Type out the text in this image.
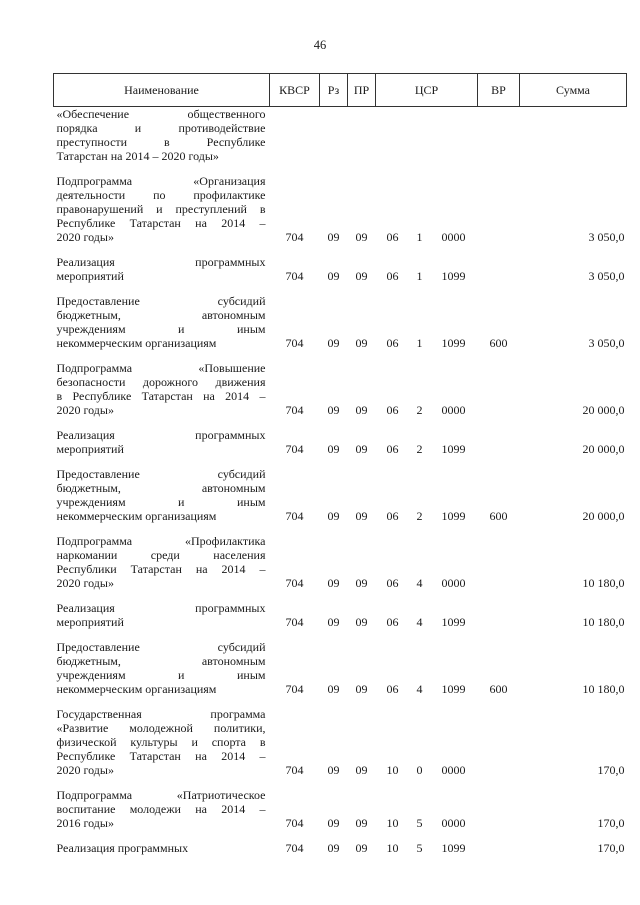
46
Наименование	КВСР	Рз	ПР	ЦСР			ВР	Сумма

«Обеспечение общественного
порядка и противодействие
преступности в Республике
Татарстан на 2014 – 2020 годы»								

Подпрограмма «Организация
деятельности по профилактике
правонарушений и преступлений в
Республике Татарстан на 2014 –
2020 годы»	704	09	09	06	1	0000		3 050,0

Реализация программных
мероприятий	704	09	09	06	1	1099		3 050,0

Предоставление субсидий
бюджетным, автономным
учреждениям и иным
некоммерческим организациям	704	09	09	06	1	1099	600	3 050,0

Подпрограмма «Повышение
безопасности дорожного движения
в Республике Татарстан на 2014 –
2020 годы»	704	09	09	06	2	0000		20 000,0

Реализация программных
мероприятий	704	09	09	06	2	1099		20 000,0

Предоставление субсидий
бюджетным, автономным
учреждениям и иным
некоммерческим организациям	704	09	09	06	2	1099	600	20 000,0

Подпрограмма «Профилактика
наркомании среди населения
Республики Татарстан на 2014 –
2020 годы»	704	09	09	06	4	0000		10 180,0

Реализация программных
мероприятий	704	09	09	06	4	1099		10 180,0

Предоставление субсидий
бюджетным, автономным
учреждениям и иным
некоммерческим организациям	704	09	09	06	4	1099	600	10 180,0

Государственная программа
«Развитие молодежной политики,
физической культуры и спорта в
Республике Татарстан на 2014 –
2020 годы»	704	09	09	10	0	0000		170,0

Подпрограмма «Патриотическое
воспитание молодежи на 2014 –
2016 годы»	704	09	09	10	5	0000		170,0

Реализация программных	704	09	09	10	5	1099		170,0
